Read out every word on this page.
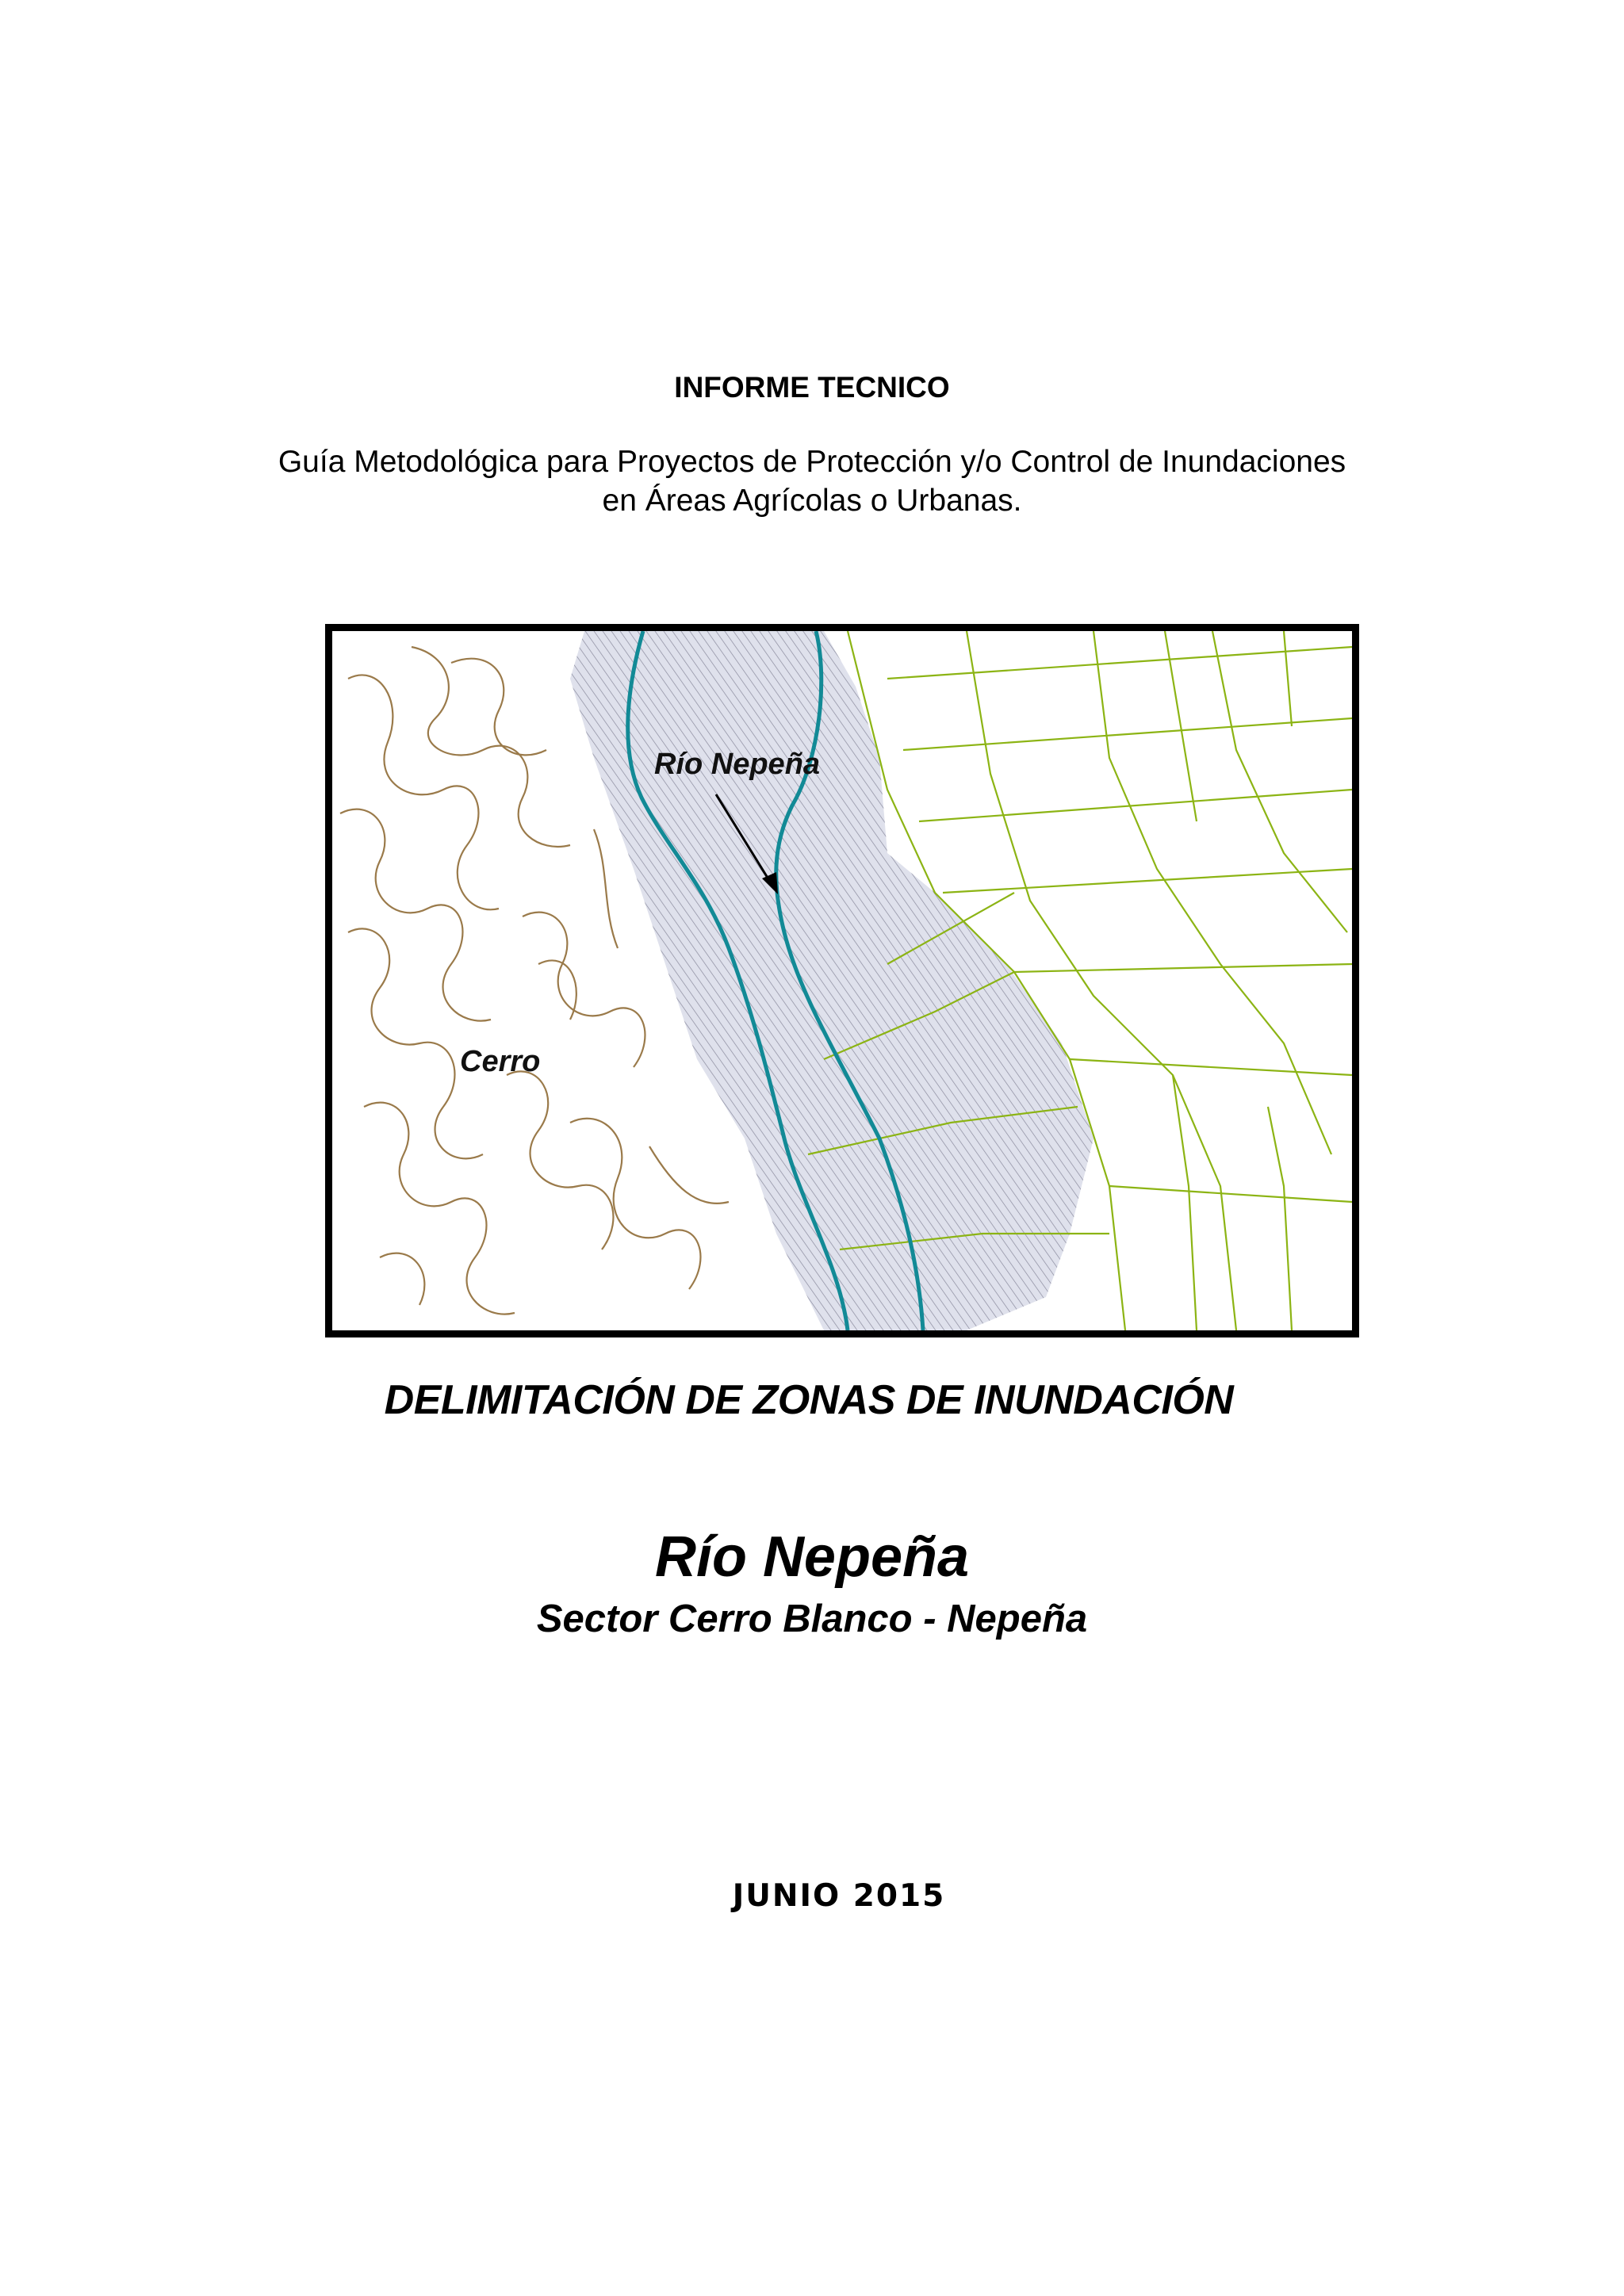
INFORME TECNICO
Guía Metodológica para Proyectos de Protección y/o Control de Inundaciones
en Áreas Agrícolas o Urbanas.
Río Nepeña
Cerro
DELIMITACIÓN DE ZONAS DE INUNDACIÓN
Río Nepeña
Sector Cerro Blanco - Nepeña
JUNIO 2015
